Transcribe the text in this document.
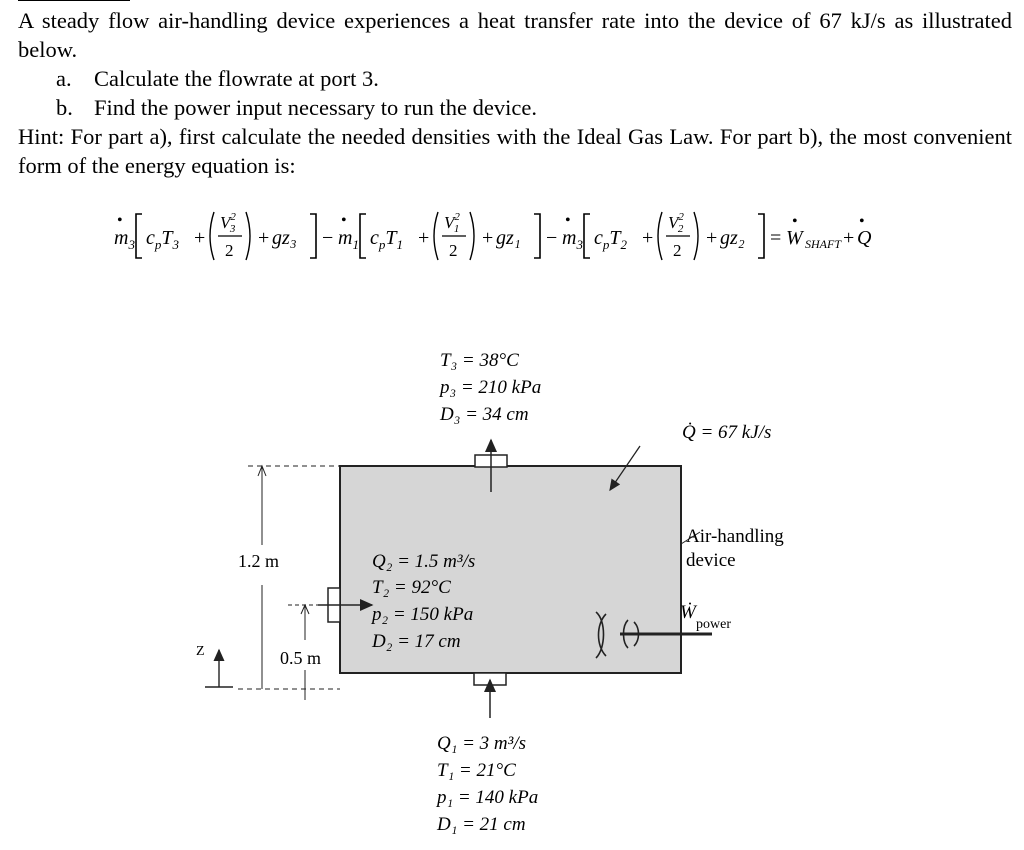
A steady flow air-handling device experiences a heat transfer rate into the device of 67 kJ/s as illustrated below.

a. Calculate the flowrate at port 3.

b. Find the power input necessary to run the device.

Hint: For part a), first calculate the needed densities with the Ideal Gas Law. For part b), the most convenient form of the energy equation is:

$m_3$
•
$c_pT_3$ +
$V^2$ 3
2
+ $gz_3 - m_1$
•
$c_pT_1$ +
$V^2$ 1
2
+ $gz_1 - m_3$
•
$c_pT_2$ +
$V^2$ 2
2
+ gz₂ = W
•
SHAFT + Q
•
1.2 m
0.5 m
Z
T₃ = 38°C
p₃ = 210 kPa
D₃ = 34 cm
Q̇ = 67 kJ/s
Air-handling
device
Ẇ
power
Q₂ = 1.5 m³/s
T₂ = 92°C
p₂ = 150 kPa
D₂ = 17 cm
Q₁ = 3 m³/s
T₁ = 21°C
p₁ = 140 kPa
D₁ = 21 cm
